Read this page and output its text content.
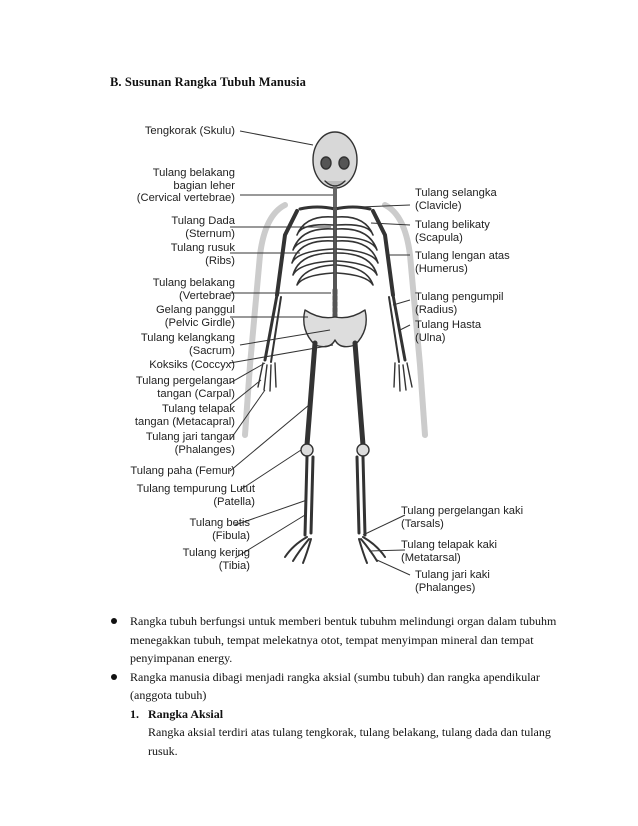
B. Susunan Rangka Tubuh Manusia
Tengkorak (Skulu)
Tulang belakang
bagian leher
(Cervical vertebrae)
Tulang Dada
(Sternum)
Tulang rusuk
(Ribs)
Tulang belakang
(Vertebrae)
Gelang panggul
(Pelvic Girdle)
Tulang kelangkang
(Sacrum)
Koksiks (Coccyx)
Tulang pergelangan
tangan (Carpal)
Tulang telapak
tangan (Metacapral)
Tulang jari tangan
(Phalanges)
Tulang paha (Femur)
Tulang tempurung Lutut
(Patella)
Tulang betis
(Fibula)
Tulang kering
(Tibia)
Tulang selangka
(Clavicle)
Tulang belikaty
(Scapula)
Tulang lengan atas
(Humerus)
Tulang pengumpil
(Radius)
Tulang Hasta
(Ulna)
Tulang pergelangan kaki
(Tarsals)
Tulang telapak kaki
(Metatarsal)
Tulang jari kaki
(Phalanges)
Rangka tubuh berfungsi untuk memberi bentuk tubuhm melindungi organ dalam tubuhm menegakkan tubuh, tempat melekatnya otot, tempat menyimpan mineral dan tempat penyimpanan energy.
Rangka manusia dibagi menjadi rangka aksial (sumbu tubuh) dan rangka apendikular (anggota tubuh)
1. Rangka Aksial
Rangka aksial terdiri atas tulang tengkorak, tulang belakang, tulang dada dan tulang rusuk.
